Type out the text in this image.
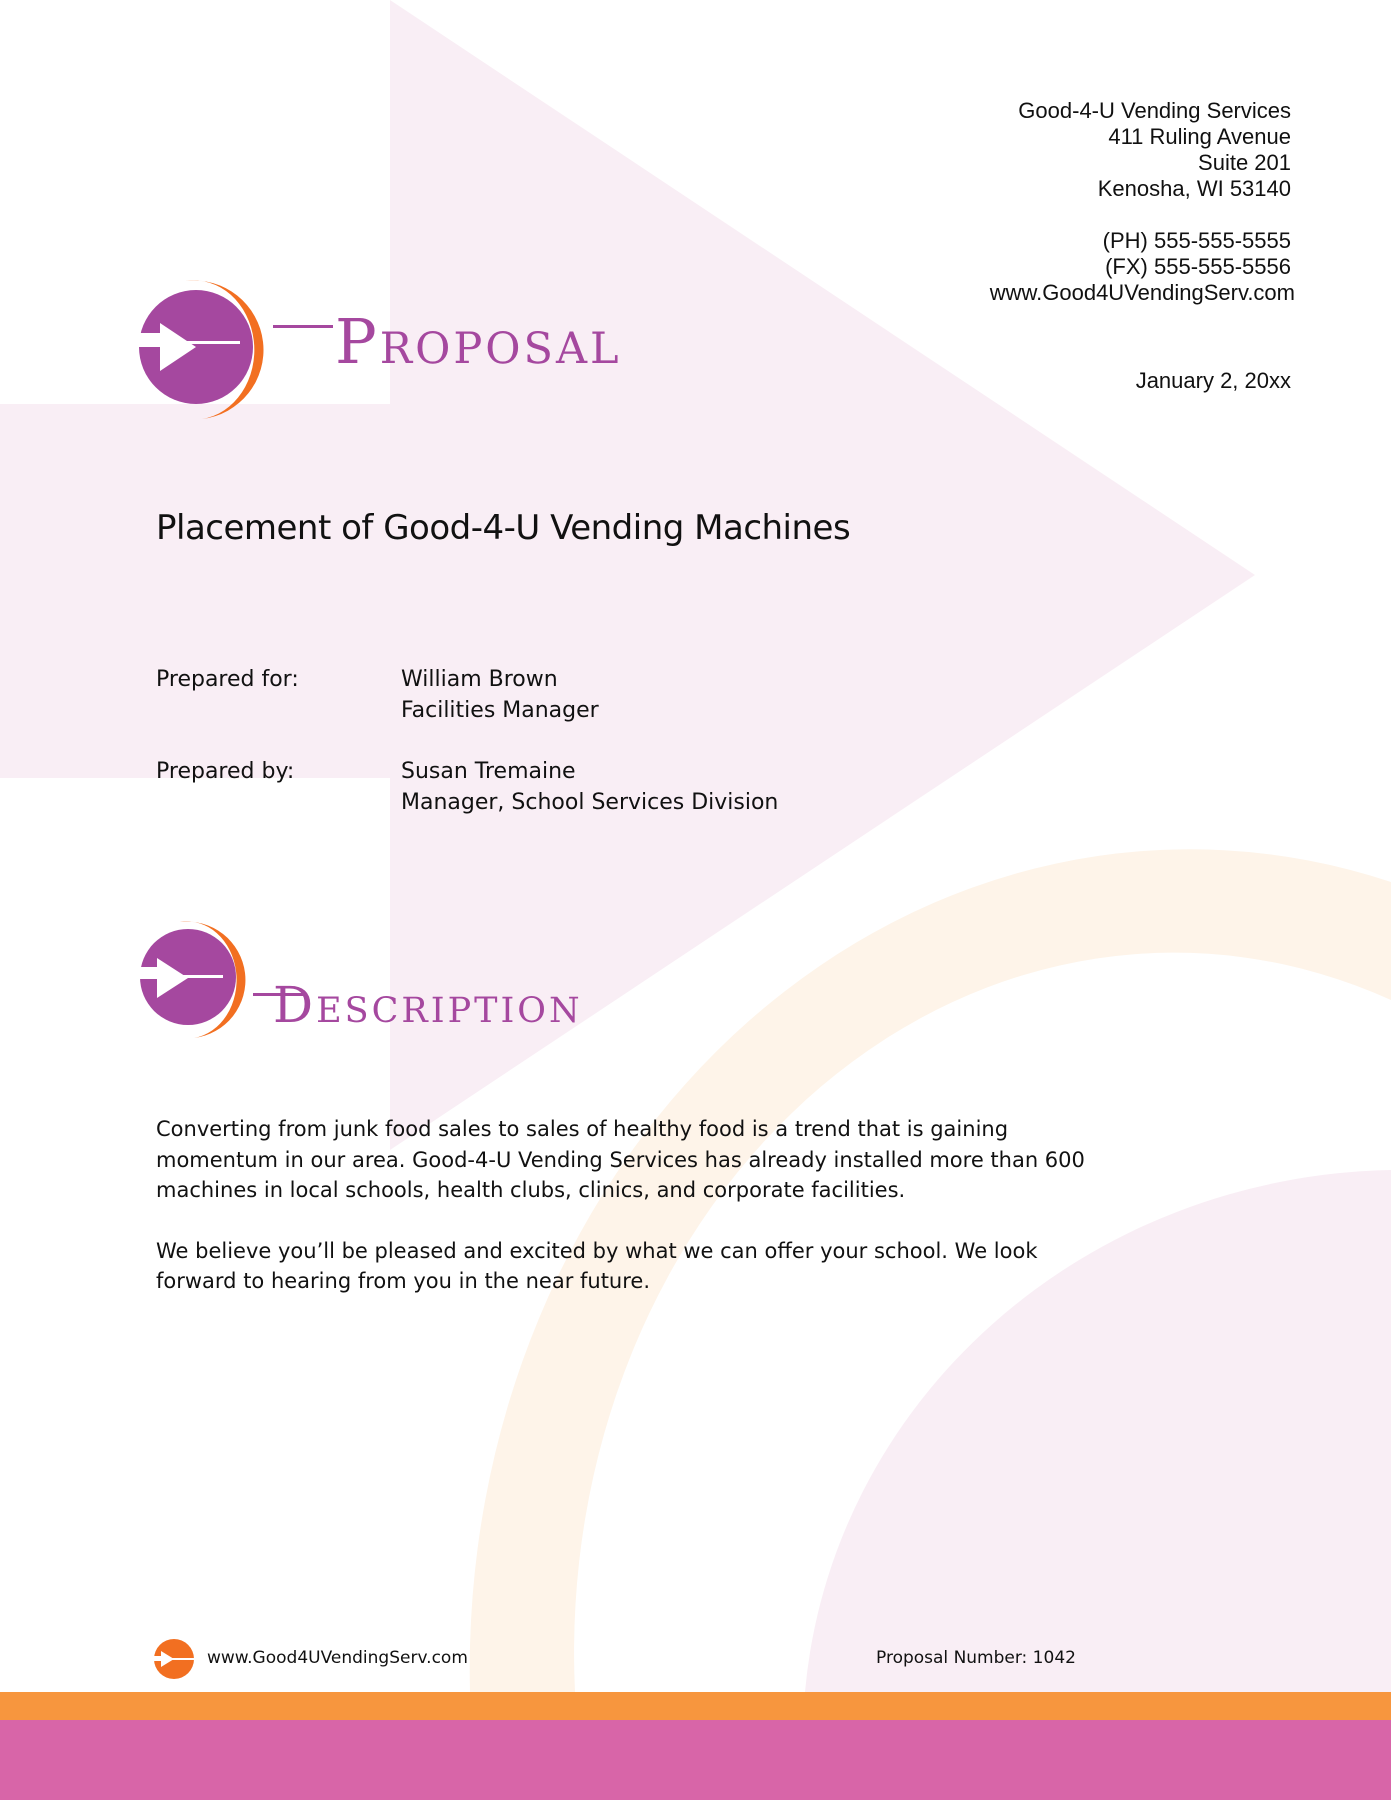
Good-4-U Vending Services
411 Ruling Avenue
Suite 201
Kenosha, WI 53140
(PH) 555-555-5555
(FX) 555-555-5556
www.Good4UVendingServ.com
January 2, 20xx
Proposal
Placement of Good-4-U Vending Machines
Prepared for:	William Brown
Facilities Manager
Prepared by:	Susan Tremaine
Manager, School Services Division
Description

Converting from junk food sales to sales of healthy food is a trend that is gaining momentum in our area. Good-4-U Vending Services has already installed more than 600 machines in local schools, health clubs, clinics, and corporate facilities.

We believe you’ll be pleased and excited by what we can offer your school. We look forward to hearing from you in the near future.

www.Good4UVendingServ.com	Proposal Number: 1042
